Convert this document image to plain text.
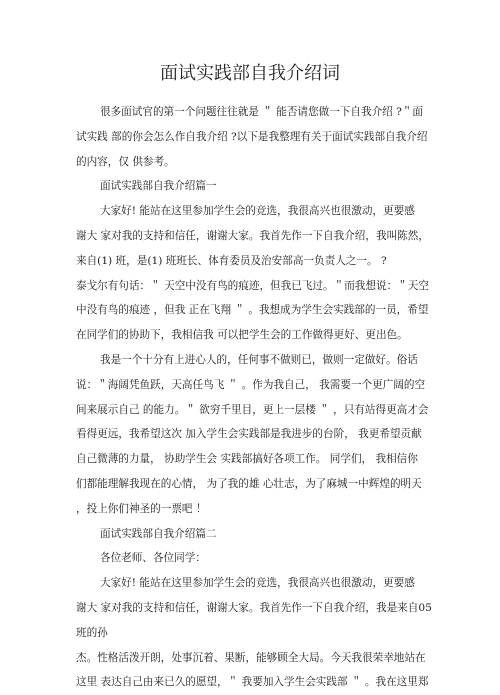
面试实践部自我介绍词
很多面试官的第一个问题往往就是 ＂ 能否请您做一下自我介绍 ?＂面
试实践 部的你会怎么作自我介绍 ?以下是我整理有关于面试实践部自我介绍
的内容，仅 供参考。
面试实践部自我介绍篇一
大家好! 能站在这里参加学生会的竞选，我很高兴也很激动，更要感
谢大 家对我的支持和信任，谢谢大家。我首先作一下自我介绍，我叫陈然，
来自(1) 班，是(1) 班班长、体育委员及治安部高一负责人之一。 ?
泰戈尔有句话：＂ 天空中没有鸟的痕迹，但我已飞过。＂而我想说：＂天空
中没有鸟的痕迹 ，但我 正在飞翔 ＂ 。我想成为学生会实践部的一员，希望
在同学们的协助下，我相信我 可以把学生会的工作做得更好、更出色。
我是一个十分有上进心人的，任何事不做则已，做则一定做好。俗话
说：＂海阔凭鱼跃，天高任鸟飞 ＂ 。作为我自己， 我需要一个更广阔的空
间来展示自己 的能力。＂ 欲穷千里目，更上一层楼 ＂ ，只有站得更高才会
看得更远，我希望这次 加入学生会实践部是我进步的台阶， 我更希望贡献
自己微薄的力量， 协助学生会 实践部搞好各项工作。 同学们， 我相信你
们都能理解我现在的心情， 为了我的雄 心壮志，为了麻城一中辉煌的明天
，投上你们神圣的一票吧 ！
面试实践部自我介绍篇二
各位老师、各位同学：
大家好! 能站在这里参加学生会的竞选，我很高兴也很激动，更要感
谢大 家对我的支持和信任，谢谢大家。我首先作一下自我介绍，我是来自05
班的孙
杰。性格活泼开朗，处事沉着、果断，能够顾全大局。今天我很荣幸地站在
这里 表达自己由来已久的愿望，＂ 我要加入学生会实践部 ＂ 。我在这里郑
